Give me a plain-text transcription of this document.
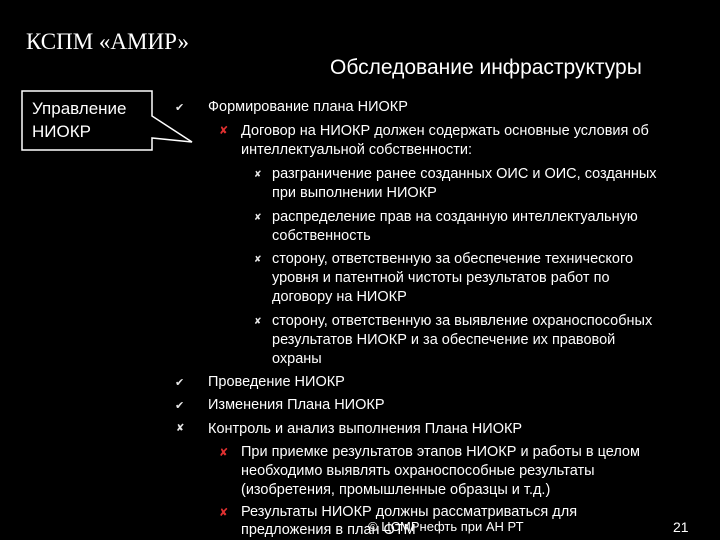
КСПМ «АМИР»
Обследование инфраструктуры
Управление
НИОКР
✔ Формирование плана НИОКР
✘ Договор на НИОКР должен содержать основные условия об
интеллектуальной собственности:
✘ разграничение ранее созданных ОИС и ОИС, созданных
при выполнении НИОКР
✘ распределение прав на созданную интеллектуальную
собственность
✘ сторону, ответственную за обеспечение технического
уровня и патентной чистоты результатов работ по
договору на НИОКР
✘ сторону, ответственную за выявление охраноспособных
результатов НИОКР и за обеспечение их правовой
охраны
✔ Проведение НИОКР
✔ Изменения Плана НИОКР
✘ Контроль и анализ выполнения Плана НИОКР
✘ При приемке результатов этапов НИОКР и работы в целом
необходимо выявлять охраноспособные результаты
(изобретения, промышленные образцы и т.д.)
✘ Результаты НИОКР должны рассматриваться для
предложения в план ОТМ
© ЦСМРнефть при АН РТ	21
